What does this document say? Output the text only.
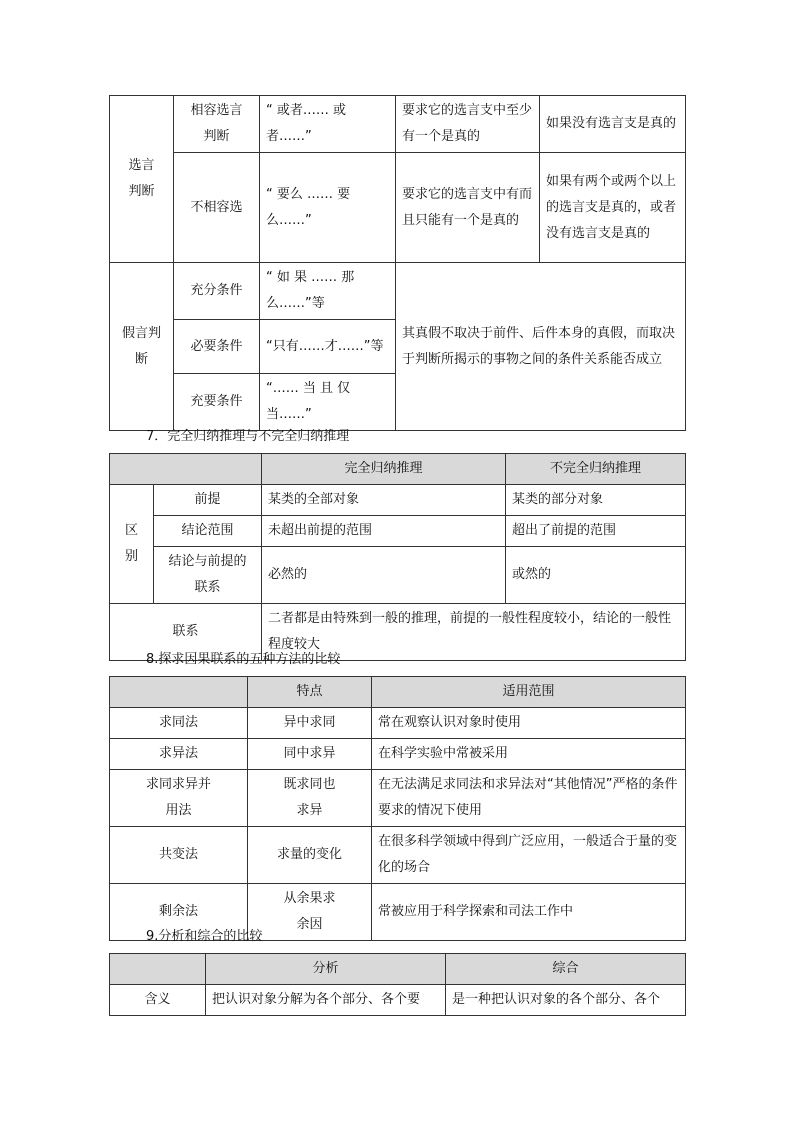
选言判断	相容选言判断	“ 或者…… 或者……”	要求它的选言支中至少有一个是真的	如果没有选言支是真的
	不相容选	“ 要么 …… 要么……”	要求它的选言支中有而且只能有一个是真的	如果有两个或两个以上的选言支是真的，或者没有选言支是真的
假言判断	充分条件	“ 如 果 …… 那么……”等	其真假不取决于前件、后件本身的真假，而取决于判断所揭示的事物之间的条件关系能否成立	
	必要条件	“只有……才……”等		
	充要条件	“…… 当 且 仅当……”		
7．完全归纳推理与不完全归纳推理
		完全归纳推理	不完全归纳推理
区别	前提	某类的全部对象	某类的部分对象
	结论范围	未超出前提的范围	超出了前提的范围
	结论与前提的联系	必然的	或然的
联系		二者都是由特殊到一般的推理，前提的一般性程度较小，结论的一般性程度较大	
8.探求因果联系的五种方法的比较
	特点	适用范围
求同法	异中求同	常在观察认识对象时使用
求异法	同中求异	在科学实验中常被采用
求同求异并用法	既求同也求异	在无法满足求同法和求异法对“其他情况”严格的条件要求的情况下使用
共变法	求量的变化	在很多科学领域中得到广泛应用，一般适合于量的变化的场合
剩余法	从余果求余因	常被应用于科学探索和司法工作中
9.分析和综合的比较
	分析	综合
含义	把认识对象分解为各个部分、各个要	是一种把认识对象的各个部分、各个
